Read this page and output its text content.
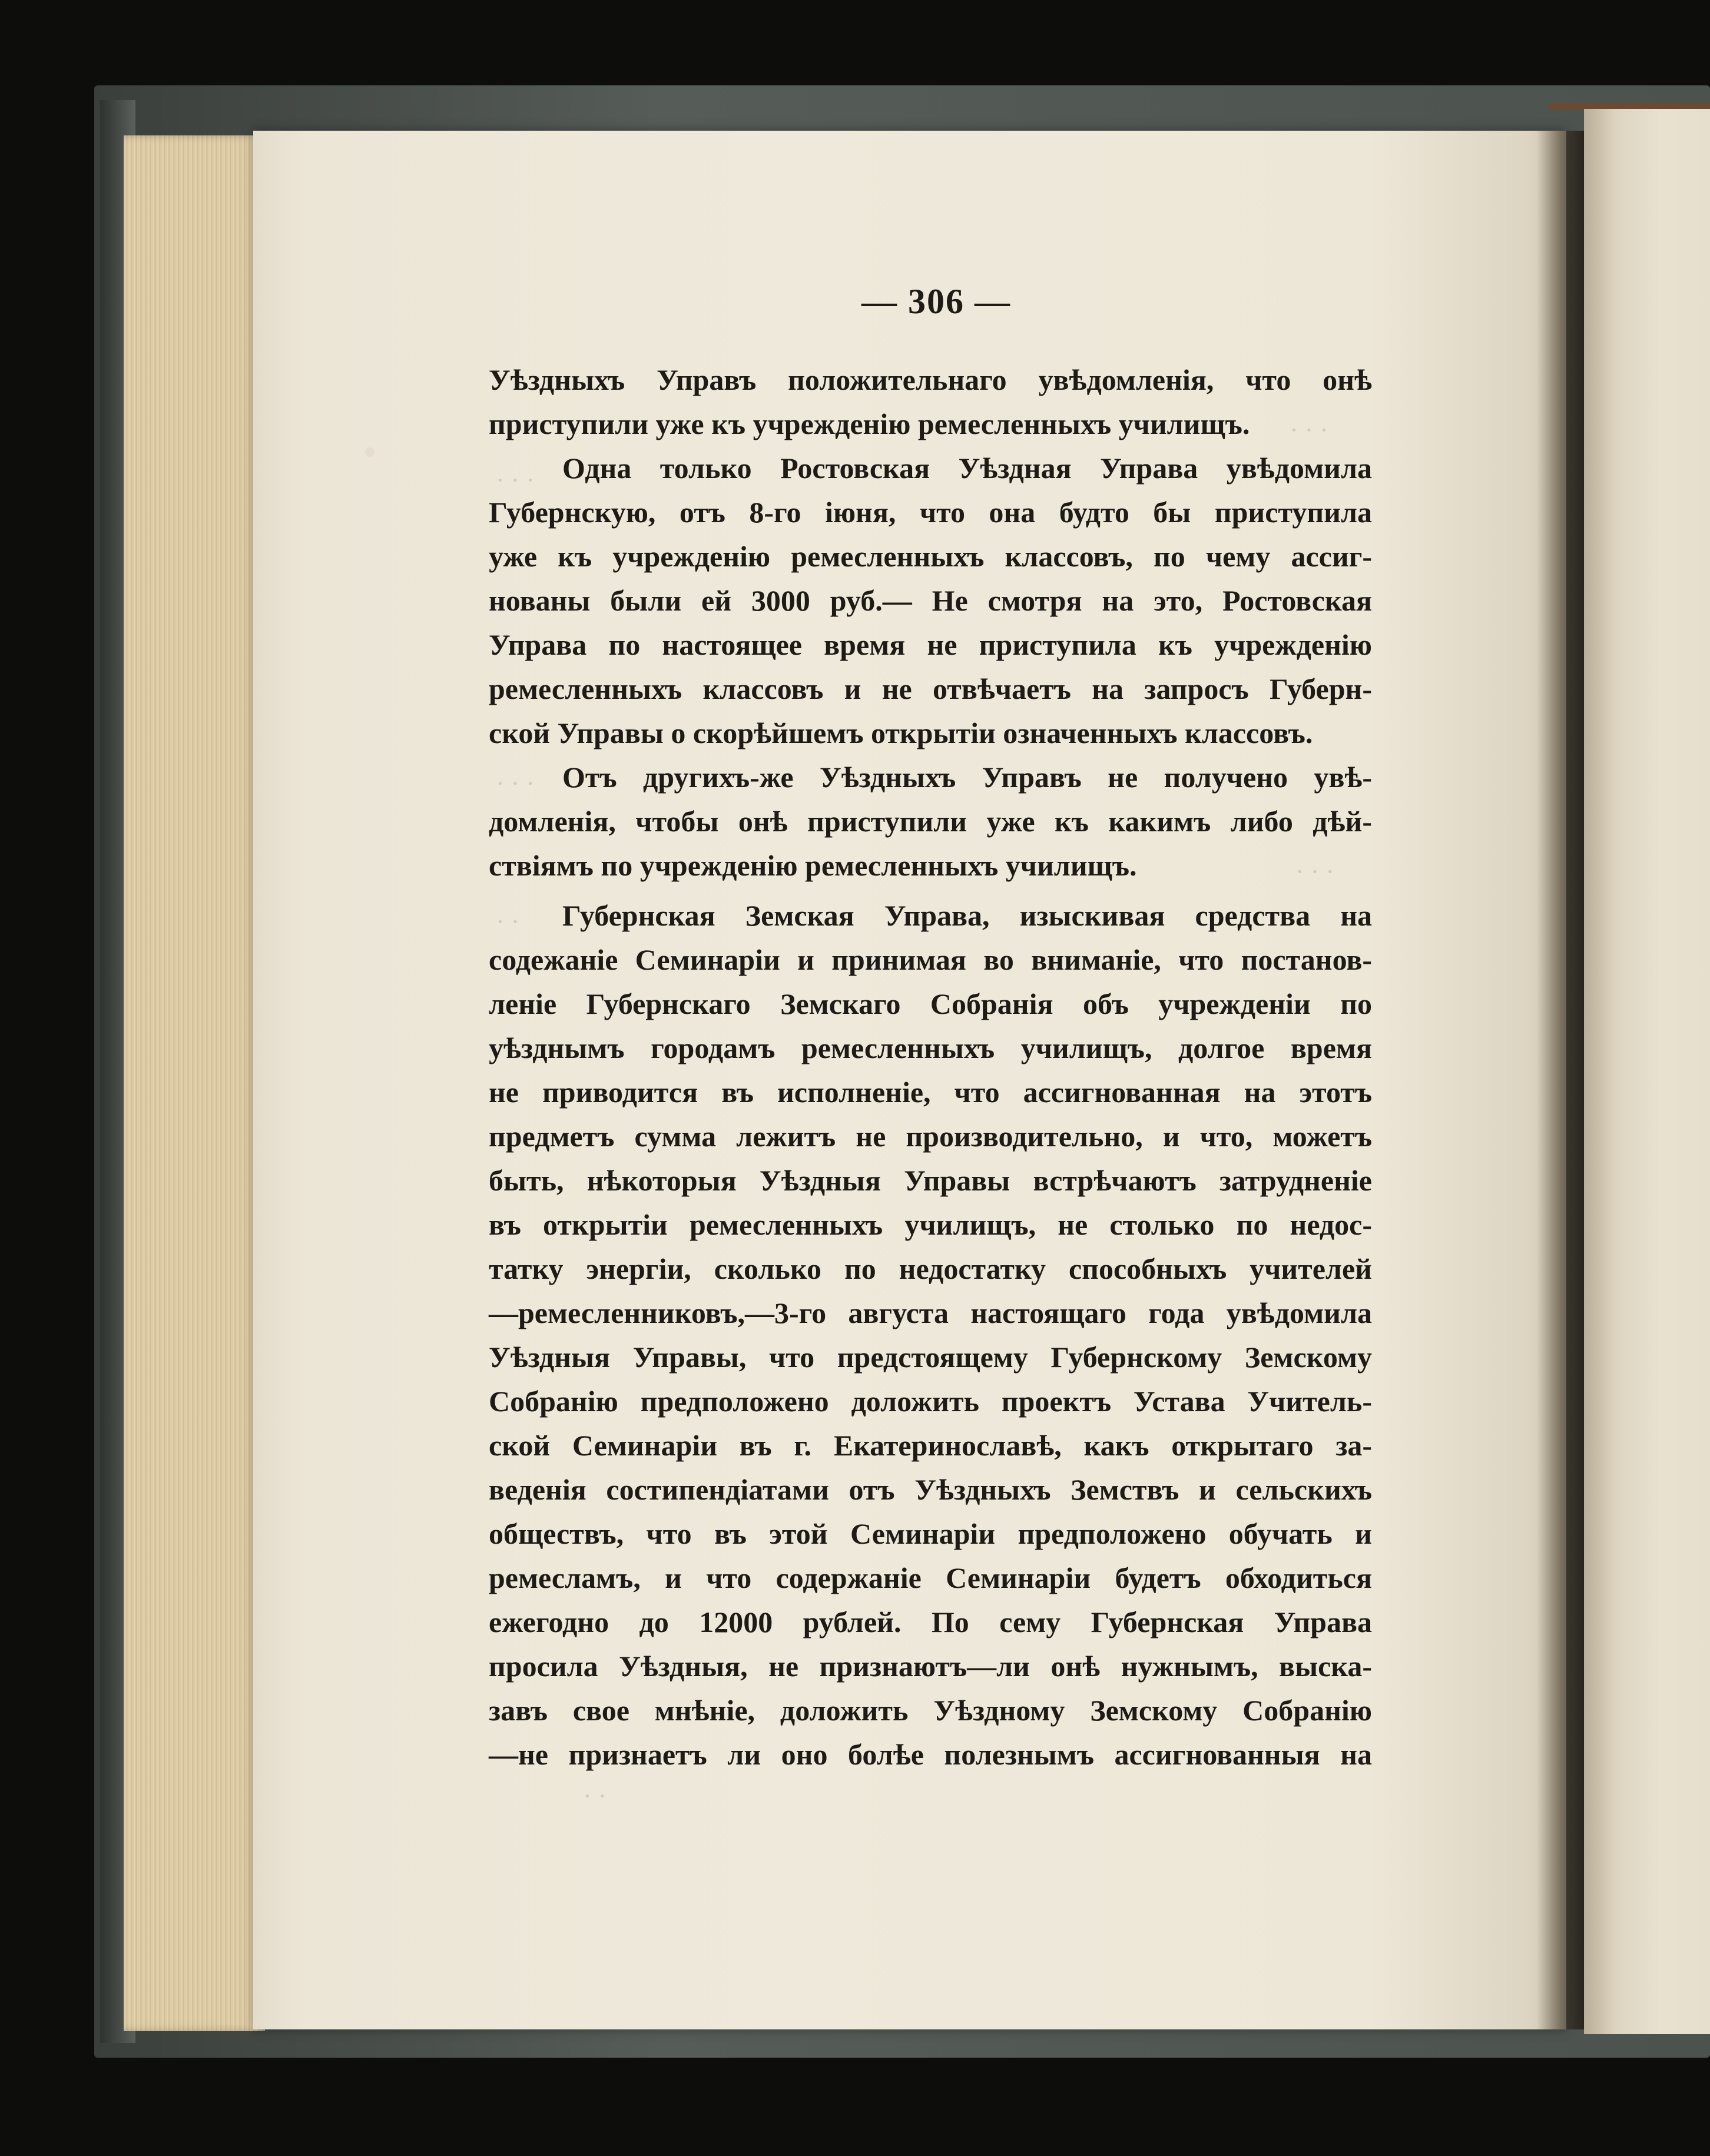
· · ·
· · ·
· · ·
· · ·
· ·
· ·
— 306 —
Уѣздныхъ Управъ положительнаго увѣдомленія, что онѣ
приступили уже къ учрежденію ремесленныхъ училищъ.
Одна только Ростовская Уѣздная Управа увѣдомила
Губернскую, отъ 8-го іюня, что она будто бы приступила
уже къ учрежденію ремесленныхъ классовъ, по чему ассиг-
нованы были ей 3000 руб.— Не смотря на это, Ростовская
Управа по настоящее время не приступила къ учрежденію
ремесленныхъ классовъ и не отвѣчаетъ на запросъ Губерн-
ской Управы о скорѣйшемъ открытіи означенныхъ классовъ.
Отъ другихъ-же Уѣздныхъ Управъ не получено увѣ-
домленія, чтобы онѣ приступили уже къ какимъ либо дѣй-
ствіямъ по учрежденію ремесленныхъ училищъ.
Губернская Земская Управа, изыскивая средства на
содежаніе Семинаріи и принимая во вниманіе, что постанов-
леніе Губернскаго Земскаго Собранія объ учрежденіи по
уѣзднымъ городамъ ремесленныхъ училищъ, долгое время
не приводится въ исполненіе, что ассигнованная на этотъ
предметъ сумма лежитъ не производительно, и что, можетъ
быть, нѣкоторыя Уѣздныя Управы встрѣчаютъ затрудненіе
въ открытіи ремесленныхъ училищъ, не столько по недос-
татку энергіи, сколько по недостатку способныхъ учителей
—ремесленниковъ,—3-го августа настоящаго года увѣдомила
Уѣздныя Управы, что предстоящему Губернскому Земскому
Собранію предположено доложить проектъ Устава Учитель-
ской Семинаріи въ г. Екатеринославѣ, какъ открытаго за-
веденія состипендіатами отъ Уѣздныхъ Земствъ и сельскихъ
обществъ, что въ этой Семинаріи предположено обучать и
ремесламъ, и что содержаніе Семинаріи будетъ обходиться
ежегодно до 12000 рублей. По сему Губернская Управа
просила Уѣздныя, не признаютъ—ли онѣ нужнымъ, выска-
завъ свое мнѣніе, доложить Уѣздному Земскому Собранію
—не признаетъ ли оно болѣе полезнымъ ассигнованныя на
